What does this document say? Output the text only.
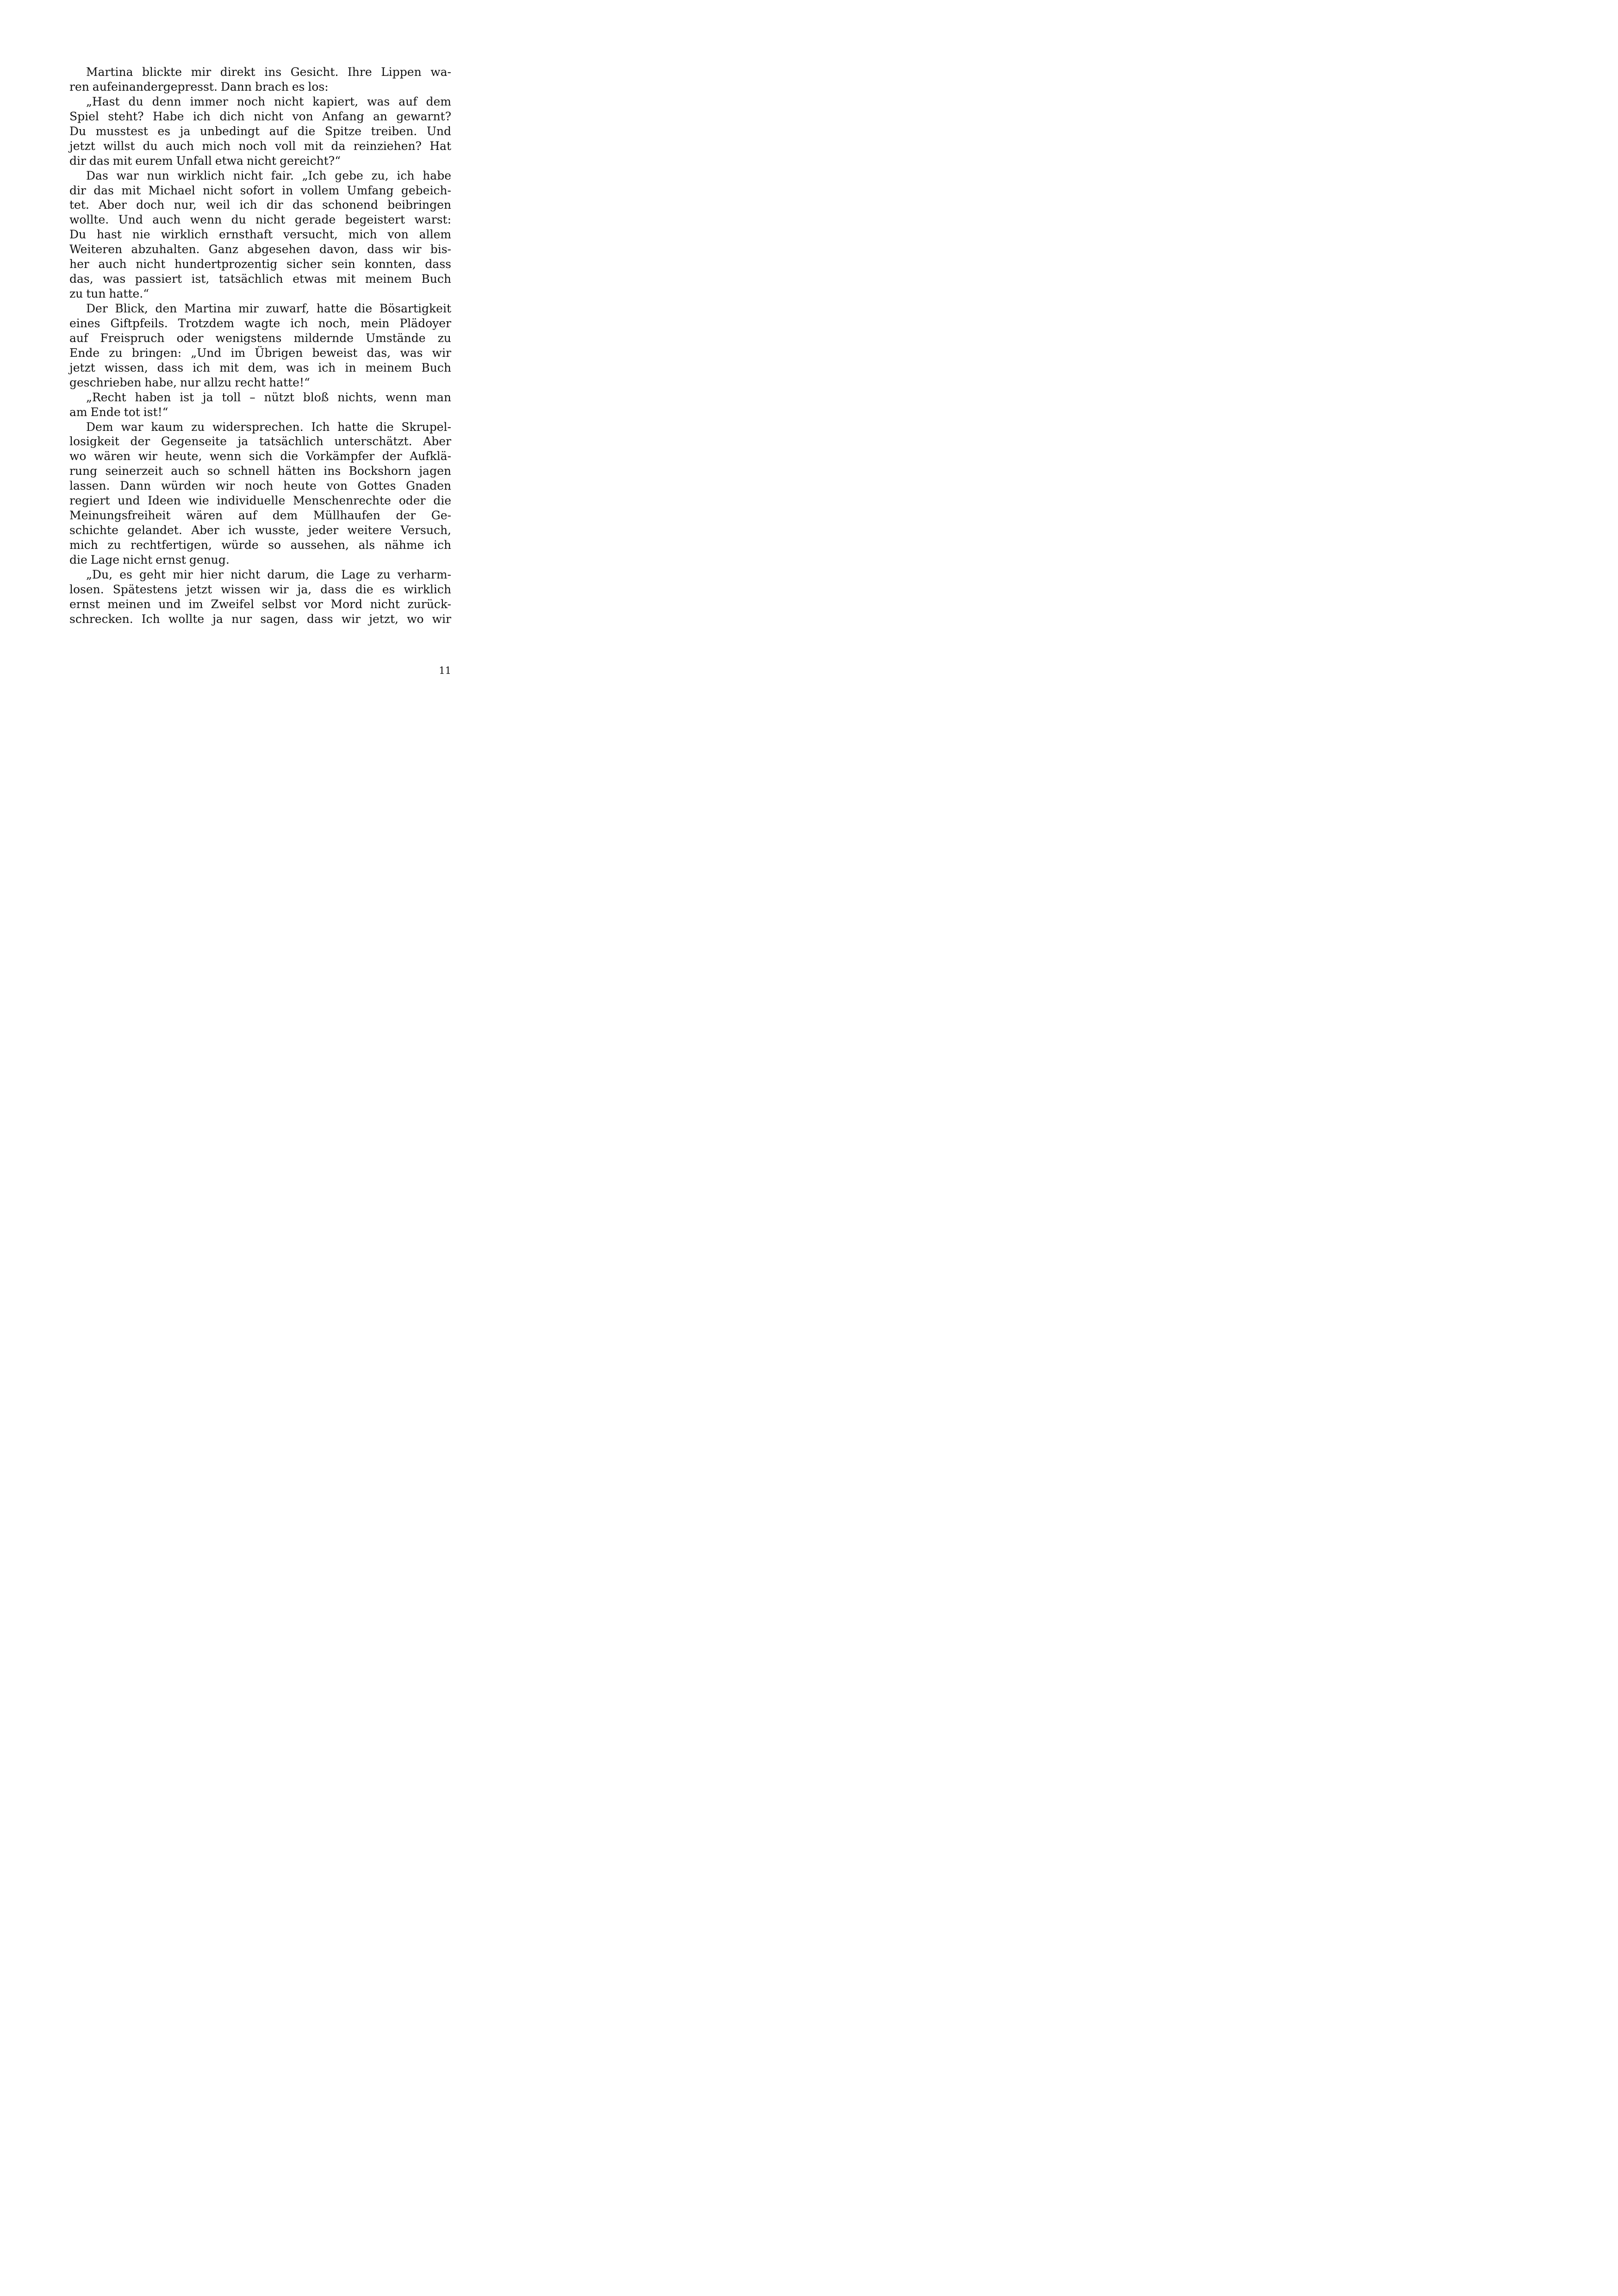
Martina blickte mir direkt ins Gesicht. Ihre Lippen wa-
ren aufeinandergepresst. Dann brach es los:
„Hast du denn immer noch nicht kapiert, was auf dem
Spiel steht? Habe ich dich nicht von Anfang an gewarnt?
Du musstest es ja unbedingt auf die Spitze treiben. Und
jetzt willst du auch mich noch voll mit da reinziehen? Hat
dir das mit eurem Unfall etwa nicht gereicht?“
Das war nun wirklich nicht fair. „Ich gebe zu, ich habe
dir das mit Michael nicht sofort in vollem Umfang gebeich-
tet. Aber doch nur, weil ich dir das schonend beibringen
wollte. Und auch wenn du nicht gerade begeistert warst:
Du hast nie wirklich ernsthaft versucht, mich von allem
Weiteren abzuhalten. Ganz abgesehen davon, dass wir bis-
her auch nicht hundertprozentig sicher sein konnten, dass
das, was passiert ist, tatsächlich etwas mit meinem Buch
zu tun hatte.“
Der Blick, den Martina mir zuwarf, hatte die Bösartigkeit
eines Giftpfeils. Trotzdem wagte ich noch, mein Plädoyer
auf Freispruch oder wenigstens mildernde Umstände zu
Ende zu bringen: „Und im Übrigen beweist das, was wir
jetzt wissen, dass ich mit dem, was ich in meinem Buch
geschrieben habe, nur allzu recht hatte!“
„Recht haben ist ja toll – nützt bloß nichts, wenn man
am Ende tot ist!“
Dem war kaum zu widersprechen. Ich hatte die Skrupel-
losigkeit der Gegenseite ja tatsächlich unterschätzt. Aber
wo wären wir heute, wenn sich die Vorkämpfer der Aufklä-
rung seinerzeit auch so schnell hätten ins Bockshorn jagen
lassen. Dann würden wir noch heute von Gottes Gnaden
regiert und Ideen wie individuelle Menschenrechte oder die
Meinungsfreiheit wären auf dem Müllhaufen der Ge-
schichte gelandet. Aber ich wusste, jeder weitere Versuch,
mich zu rechtfertigen, würde so aussehen, als nähme ich
die Lage nicht ernst genug.
„Du, es geht mir hier nicht darum, die Lage zu verharm-
losen. Spätestens jetzt wissen wir ja, dass die es wirklich
ernst meinen und im Zweifel selbst vor Mord nicht zurück-
schrecken. Ich wollte ja nur sagen, dass wir jetzt, wo wir
11
